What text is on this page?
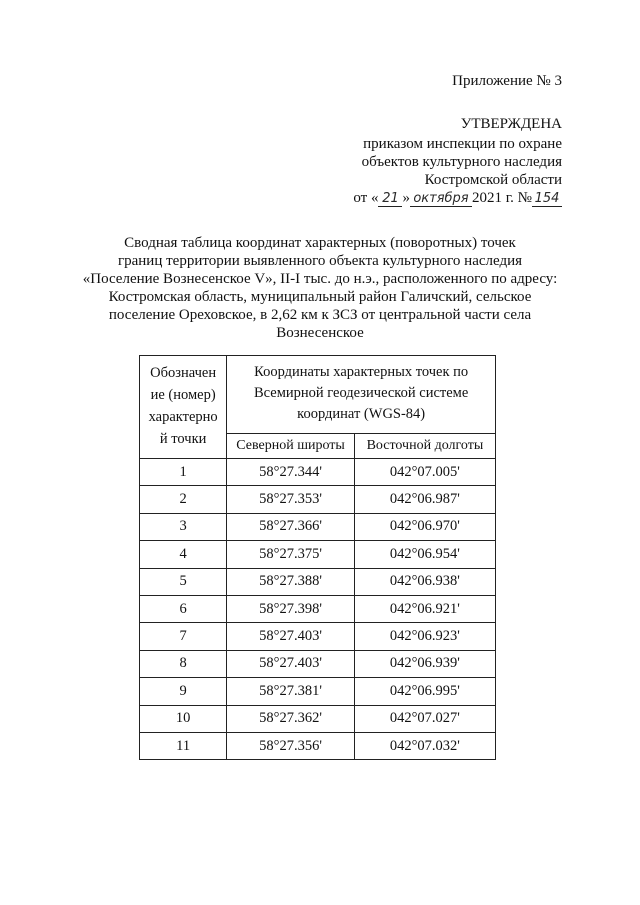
Приложение № 3
УТВЕРЖДЕНА
приказом инспекции по охране
объектов культурного наследия
Костромской области
от « 21 » октября 2021 г. № 154
Сводная таблица координат характерных (поворотных) точек
границ территории выявленного объекта культурного наследия
«Поселение Вознесенское V», II-I тыс. до н.э., расположенного по адресу:
Костромская область, муниципальный район Галичский, сельское
поселение Ореховское, в 2,62 км к ЗСЗ от центральной части села
Вознесенское
Обозначен
ие (номер)
характерно
й точки	Координаты характерных точек по
Всемирной геодезической системе
координат (WGS-84)	

	Северной широты	Восточной долготы
1	58°27.344'	042°07.005'
2	58°27.353'	042°06.987'
3	58°27.366'	042°06.970'
4	58°27.375'	042°06.954'
5	58°27.388'	042°06.938'
6	58°27.398'	042°06.921'
7	58°27.403'	042°06.923'
8	58°27.403'	042°06.939'
9	58°27.381'	042°06.995'
10	58°27.362'	042°07.027'
11	58°27.356'	042°07.032'
